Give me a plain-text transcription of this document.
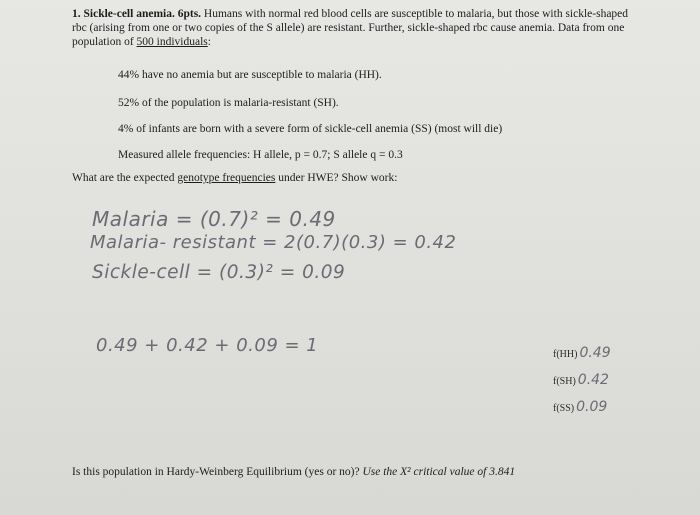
1. Sickle-cell anemia. 6pts. Humans with normal red blood cells are susceptible to malaria, but those with sickle-shaped rbc (arising from one or two copies of the S allele) are resistant. Further, sickle-shaped rbc cause anemia. Data from one population of 500 individuals:

44% have no anemia but are susceptible to malaria (HH).

52% of the population is malaria-resistant (SH).

4% of infants are born with a severe form of sickle-cell anemia (SS) (most will die)

Measured allele frequencies: H allele, p = 0.7; S allele q = 0.3

What are the expected genotype frequencies under HWE? Show work:

Malaria = (0.7)² = 0.49

Malaria- resistant = 2(0.7)(0.3) = 0.42

Sickle-cell = (0.3)² = 0.09

0.49 + 0.42 + 0.09 = 1	f(HH) 0.49

f(SH) 0.42

f(SS) 0.09

Is this population in Hardy-Weinberg Equilibrium (yes or no)? Use the X² critical value of 3.841
